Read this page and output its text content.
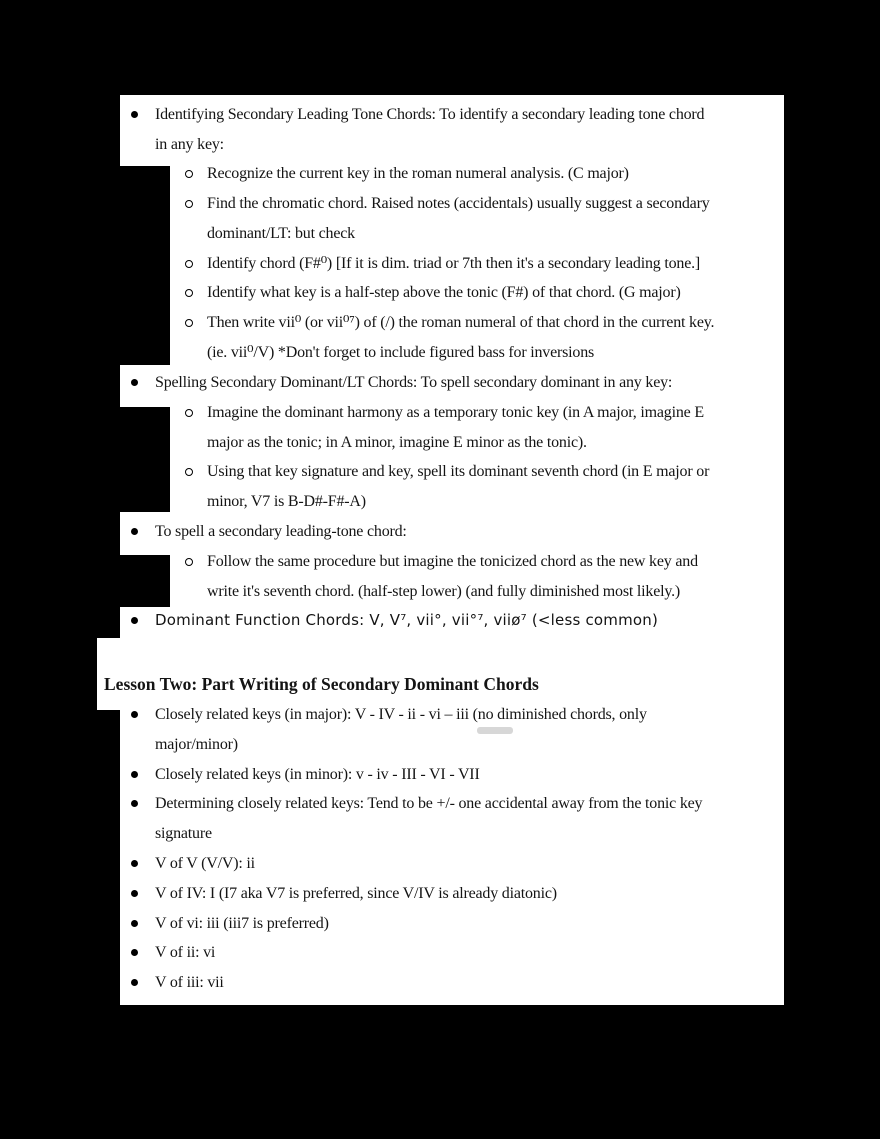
Identifying Secondary Leading Tone Chords: To identify a secondary leading tone chord
in any key:
Recognize the current key in the roman numeral analysis. (C major)
Find the chromatic chord. Raised notes (accidentals) usually suggest a secondary
dominant/LT: but check
Identify chord (F#⁰) [If it is dim. triad or 7th then it's a secondary leading tone.]
Identify what key is a half-step above the tonic (F#) of that chord. (G major)
Then write vii⁰ (or vii⁰⁷) of (/) the roman numeral of that chord in the current key.
(ie. vii⁰/V) *Don't forget to include figured bass for inversions
Spelling Secondary Dominant/LT Chords: To spell secondary dominant in any key:
Imagine the dominant harmony as a temporary tonic key (in A major, imagine E
major as the tonic; in A minor, imagine E minor as the tonic).
Using that key signature and key, spell its dominant seventh chord (in E major or
minor, V7 is B-D#-F#-A)
To spell a secondary leading-tone chord:
Follow the same procedure but imagine the tonicized chord as the new key and
write it's seventh chord. (half-step lower) (and fully diminished most likely.)
Dominant Function Chords: V, V⁷, vii°, vii°⁷, viiø⁷ (<less common)
Lesson Two: Part Writing of Secondary Dominant Chords
Closely related keys (in major): V - IV - ii - vi – iii (no diminished chords, only
major/minor)
Closely related keys (in minor): v - iv - III - VI - VII
Determining closely related keys: Tend to be +/- one accidental away from the tonic key
signature
V of V (V/V): ii
V of IV: I (I7 aka V7 is preferred, since V/IV is already diatonic)
V of vi: iii (iii7 is preferred)
V of ii: vi
V of iii: vii
